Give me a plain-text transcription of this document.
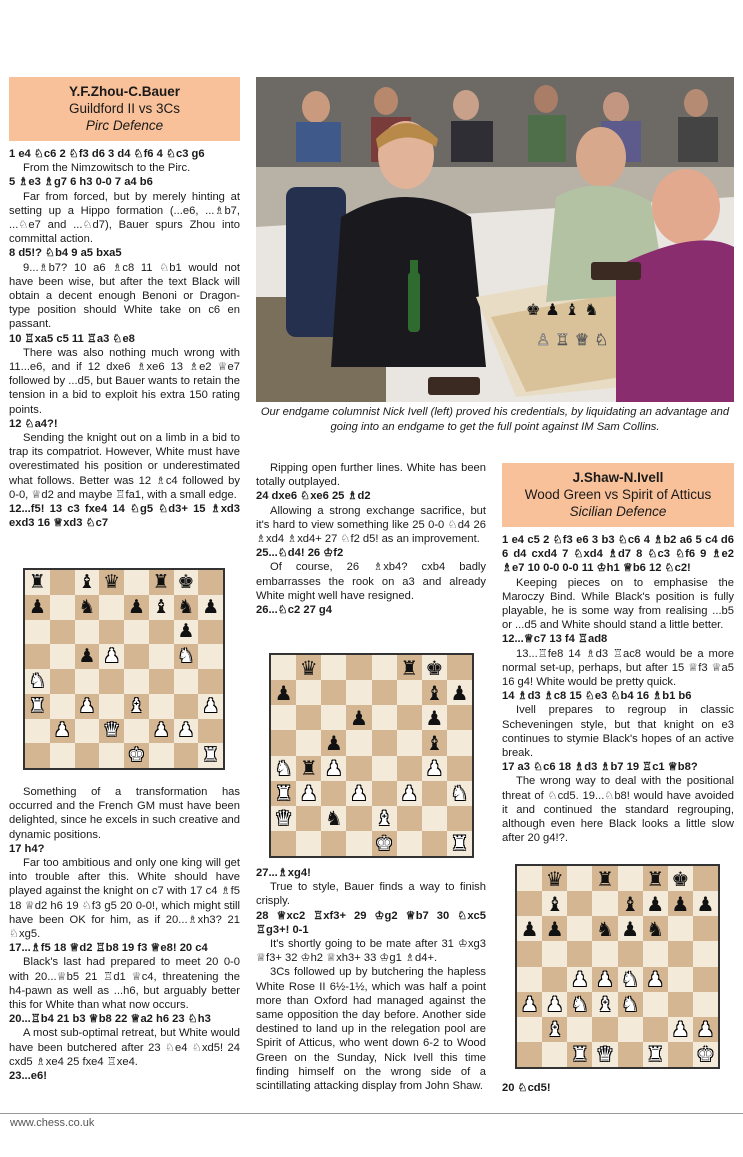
Y.F.Zhou-C.Bauer
Guildford II vs 3Cs
Pirc Defence

1 e4 ♘c6 2 ♘f3 d6 3 d4 ♘f6 4 ♘c3 g6

From the Nimzowitsch to the Pirc.

5 ♗e3 ♗g7 6 h3 0-0 7 a4 b6

Far from forced, but by merely hinting at setting up a Hippo formation (...e6, ...♗b7, ...♘e7 and ...♘d7), Bauer spurs Zhou into committal action.

8 d5!? ♘b4 9 a5 bxa5

9...♗b7? 10 a6 ♗c8 11 ♘b1 would not have been wise, but after the text Black will obtain a decent enough Benoni or Dragon-type position should White take on c6 en passant.

10 ♖xa5 c5 11 ♖a3 ♘e8

There was also nothing much wrong with 11...e6, and if 12 dxe6 ♗xe6 13 ♗e2 ♕e7 followed by ...d5, but Bauer wants to retain the tension in a bid to exploit his extra 150 rating points.

12 ♘a4?!

Sending the knight out on a limb in a bid to trap its compatriot. However, White must have overestimated his position or underestimated what follows. Better was 12 ♗c4 followed by 0-0, ♕d2 and maybe ♖fa1, with a small edge.

12...f5! 13 c3 fxe4 14 ♘g5 ♘d3+ 15 ♗xd3 exd3 16 ♕xd3 ♘c7

♜ ♝ ♛ ♜ ♚
♟ ♞ ♟ ♝ ♞ ♟
♟
♟ ♟	♞
♞
♜ ♟ ♝	♟
♟ ♛ ♟ ♟
♚	♜

Something of a transformation has occurred and the French GM must have been delighted, since he excels in such creative and dynamic positions.

17 h4?

Far too ambitious and only one king will get into trouble after this. White should have played against the knight on c7 with 17 c4 ♗f5 18 ♕d2 h6 19 ♘f3 g5 20 0-0!, which might still have been OK for him, as if 20...♗xh3? 21 ♘xg5.

17...♗f5 18 ♕d2 ♖b8 19 f3 ♕e8! 20 c4

Black's last had prepared to meet 20 0-0 with 20...♕b5 21 ♖d1 ♕c4, threatening the h4-pawn as well as ...h6, but arguably better this for White than what now occurs.

20...♖b4 21 b3 ♕b8 22 ♕a2 h6 23 ♘h3

A most sub-optimal retreat, but White would have been butchered after 23 ♘e4 ♘xd5! 24 cxd5 ♗xe4 25 fxe4 ♖xe4.

23...e6!

♚ ♟ ♝ ♞
♙ ♖ ♕ ♘
Our endgame columnist Nick Ivell (left) proved his credentials, by liquidating an advantage and going into an endgame to get the full point against IM Sam Collins.

Ripping open further lines. White has been totally outplayed.

24 dxe6 ♘xe6 25 ♗d2

Allowing a strong exchange sacrifice, but it's hard to view something like 25 0-0 ♘d4 26 ♗xd4 ♗xd4+ 27 ♘f2 d5! as an improvement.

25...♘d4! 26 ♔f2

Of course, 26 ♗xb4? cxb4 badly embarrasses the rook on a3 and already White might well have resigned.

26...♘c2 27 g4

♛	♜ ♚
♟	♝ ♟
♟	♟
♟	♝
♞ ♜ ♟	♟
♜ ♟ ♟ ♟ ♞
♛ ♞ ♝
♚	♜

27...♗xg4!

True to style, Bauer finds a way to finish crisply.

28 ♕xc2 ♖xf3+ 29 ♔g2 ♕b7 30 ♘xc5 ♖g3+! 0-1

It's shortly going to be mate after 31 ♔xg3 ♕f3+ 32 ♔h2 ♕xh3+ 33 ♔g1 ♗d4+.

3Cs followed up by butchering the hapless White Rose II 6½-1½, which was half a point more than Oxford had managed against the same opposition the day before. Another side destined to land up in the relegation pool are Spirit of Atticus, who went down 6-2 to Wood Green on the Sunday, Nick Ivell this time finding himself on the wrong side of a scintillating attacking display from John Shaw.

J.Shaw-N.Ivell
Wood Green vs Spirit of Atticus
Sicilian Defence

1 e4 c5 2 ♘f3 e6 3 b3 ♘c6 4 ♗b2 a6 5 c4 d6 6 d4 cxd4 7 ♘xd4 ♗d7 8 ♘c3 ♘f6 9 ♗e2 ♗e7 10 0-0 0-0 11 ♔h1 ♕b6 12 ♘c2!

Keeping pieces on to emphasise the Maroczy Bind. While Black's position is fully playable, he is some way from realising ...b5 or ...d5 and White should stand a little better.

12...♕c7 13 f4 ♖ad8

13...♖fe8 14 ♗d3 ♖ac8 would be a more normal set-up, perhaps, but after 15 ♕f3 ♕a5 16 g4! White would be pretty quick.

14 ♗d3 ♗c8 15 ♘e3 ♘b4 16 ♗b1 b6

Ivell prepares to regroup in classic Scheveningen style, but that knight on e3 continues to stymie Black's hopes of an active break.

17 a3 ♘c6 18 ♗d3 ♗b7 19 ♖c1 ♕b8?

The wrong way to deal with the positional threat of ♘cd5. 19...♘b8! would have avoided it and continued the standard regrouping, although even here Black looks a little slow after 20 g4!?.

♛ ♜ ♜ ♚
♝	♝ ♟ ♟ ♟
♟ ♟ ♞ ♟ ♞
♟ ♟ ♞ ♟
♟ ♟ ♞ ♝ ♞
♝	♟ ♟
♜ ♛ ♜ ♚
20 ♘cd5!
www.chess.co.uk
